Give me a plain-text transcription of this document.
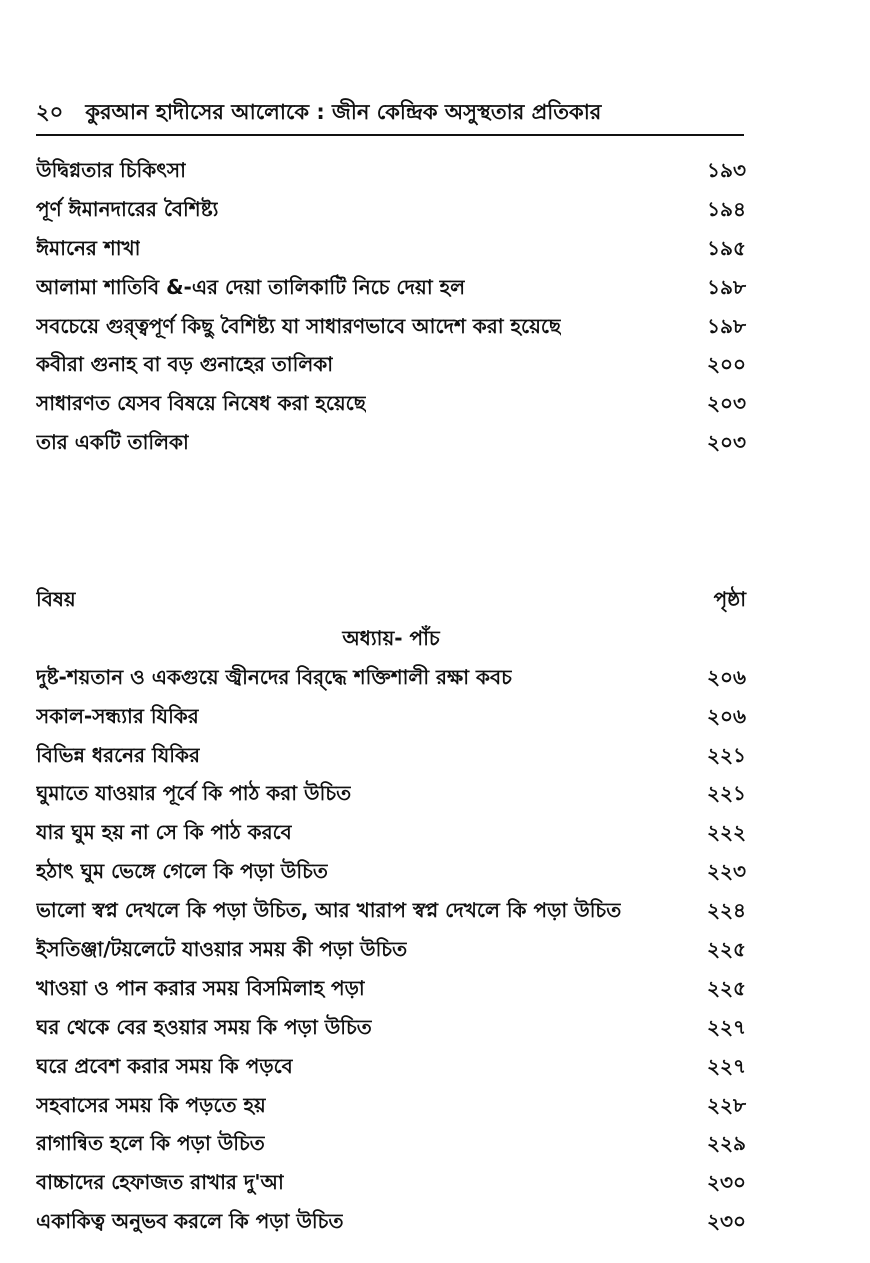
২০ কুরআন হাদীসের আলোকে : জীন কেন্দ্রিক অসুস্থতার প্রতিকার
উদ্বিগ্নতার চিকিৎসা	১৯৩
পূর্ণ ঈমানদারের বৈশিষ্ট্য	১৯৪
ঈমানের শাখা	১৯৫
আলামা শাতিবি &-এর দেয়া তালিকাটি নিচে দেয়া হল	১৯৮
সবচেয়ে গুর‍্ত্বপূর্ণ কিছু বৈশিষ্ট্য যা সাধারণভাবে আদেশ করা হয়েছে	১৯৮
কবীরা গুনাহ বা বড় গুনাহের তালিকা	২০০
সাধারণত যেসব বিষয়ে নিষেধ করা হয়েছে	২০৩
তার একটি তালিকা	২০৩
বিষয়	পৃষ্ঠা
অধ্যায়- পাঁচ
দুষ্ট-শয়তান ও একগুয়ে জ্বীনদের বির‍্দ্ধে শক্তিশালী রক্ষা কবচ	২০৬
সকাল-সন্ধ্যার যিকির	২০৬
বিভিন্ন ধরনের যিকির	২২১
ঘুমাতে যাওয়ার পূর্বে কি পাঠ করা উচিত	২২১
যার ঘুম হয় না সে কি পাঠ করবে	২২২
হঠাৎ ঘুম ভেঙ্গে গেলে কি পড়া উচিত	২২৩
ভালো স্বপ্ন দেখলে কি পড়া উচিত, আর খারাপ স্বপ্ন দেখলে কি পড়া উচিত	২২৪
ইসতিঞ্জা/টয়লেটে যাওয়ার সময় কী পড়া উচিত	২২৫
খাওয়া ও পান করার সময় বিসমিলাহ পড়া	২২৫
ঘর থেকে বের হওয়ার সময় কি পড়া উচিত	২২৭
ঘরে প্রবেশ করার সময় কি পড়বে	২২৭
সহবাসের সময় কি পড়তে হয়	২২৮
রাগান্বিত হলে কি পড়া উচিত	২২৯
বাচ্চাদের হেফাজত রাখার দু'আ	২৩০
একাকিত্ব অনুভব করলে কি পড়া উচিত	২৩০
